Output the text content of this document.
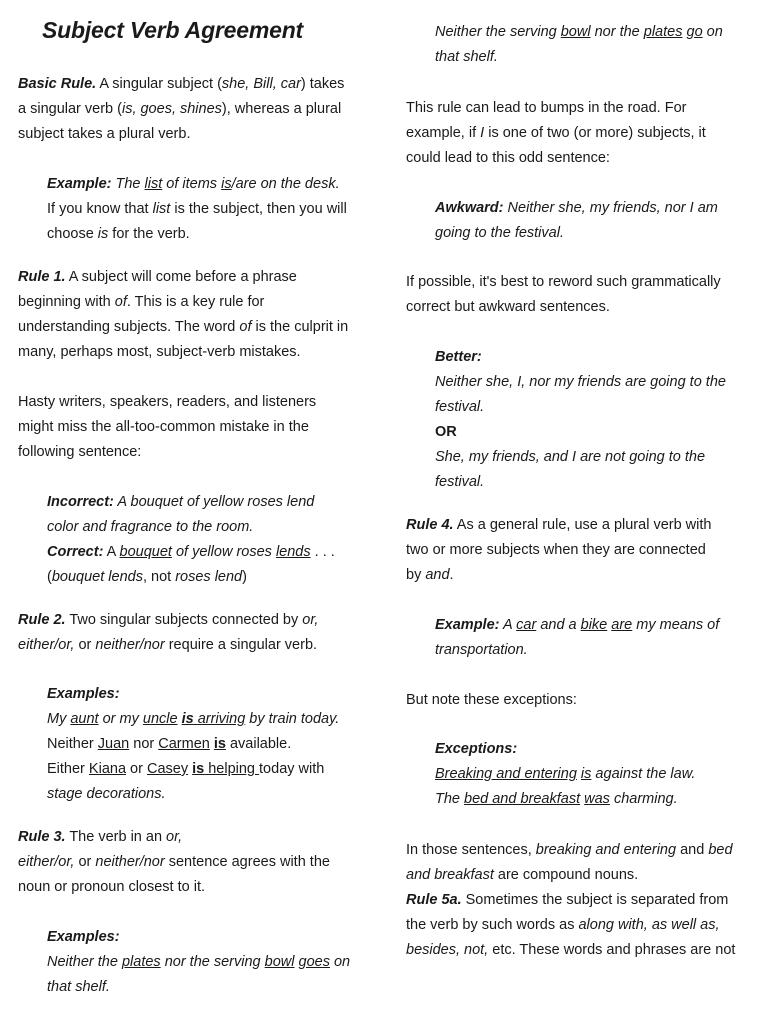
Subject Verb Agreement
Basic Rule. A singular subject (she, Bill, car) takes
a singular verb (is, goes, shines), whereas a plural
subject takes a plural verb.
Example: The list of items is/are on the desk.
If you know that list is the subject, then you will
choose is for the verb.
Rule 1. A subject will come before a phrase
beginning with of. This is a key rule for
understanding subjects. The word of is the culprit in
many, perhaps most, subject-verb mistakes.
Hasty writers, speakers, readers, and listeners
might miss the all-too-common mistake in the
following sentence:
Incorrect: A bouquet of yellow roses lend
color and fragrance to the room.
Correct: A bouquet of yellow roses lends . . .
(bouquet lends, not roses lend)
Rule 2. Two singular subjects connected by or,
either/or, or neither/nor require a singular verb.
Examples:
My aunt or my uncle is arriving by train today.
Neither Juan nor Carmen is available.
Either Kiana or Casey is helping today with
stage decorations.
Rule 3. The verb in an or,
either/or, or neither/nor sentence agrees with the
noun or pronoun closest to it.
Examples:
Neither the plates nor the serving bowl goes on
that shelf.
Neither the serving bowl nor the plates go on
that shelf.
This rule can lead to bumps in the road. For
example, if I is one of two (or more) subjects, it
could lead to this odd sentence:
Awkward: Neither she, my friends, nor I am
going to the festival.
If possible, it's best to reword such grammatically
correct but awkward sentences.
Better:
Neither she, I, nor my friends are going to the
festival.
OR
She, my friends, and I are not going to the
festival.
Rule 4. As a general rule, use a plural verb with
two or more subjects when they are connected
by and.
Example: A car and a bike are my means of
transportation.
But note these exceptions:
Exceptions:
Breaking and entering is against the law.
The bed and breakfast was charming.
In those sentences, breaking and entering and bed
and breakfast are compound nouns.
Rule 5a. Sometimes the subject is separated from
the verb by such words as along with, as well as,
besides, not, etc. These words and phrases are not
